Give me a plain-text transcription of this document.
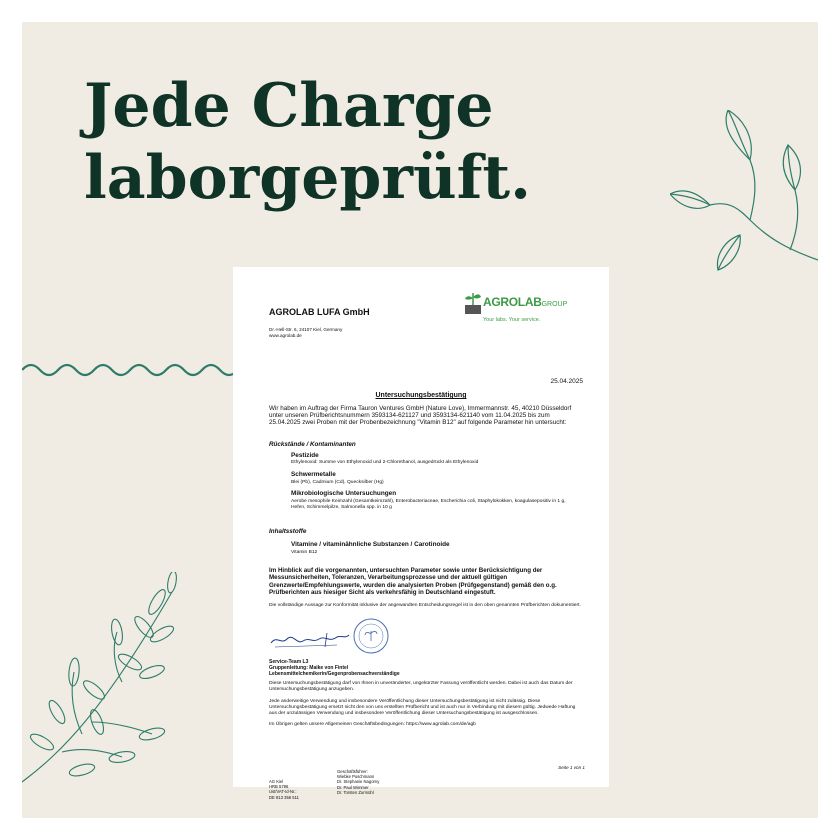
Jede Charge
laborgeprüft.
AGROLAB LUFA GmbH
Dr.-Hell-Str. 6, 24107 Kiel, Germany
www.agrolab.de
AGROLABGROUP
Your labs. Your service.
25.04.2025
Untersuchungsbestätigung
Wir haben im Auftrag der Firma Tauron Ventures GmbH (Nature Love), Immermannstr. 45, 40210 Düsseldorf unter unseren Prüfberichtsnummern 3593134-621127 und 3593134-621140 vom 11.04.2025 bis zum 25.04.2025 zwei Proben mit der Probenbezeichnung "Vitamin B12" auf folgende Parameter hin untersucht:
Rückstände / Kontaminanten
Pestizide
Ethylenoxid: Summe von Ethylenoxid und 2-Chlorethanol, ausgedrückt als Ethylenoxid
Schwermetalle
Blei (Pb), Cadmium (Cd), Quecksilber (Hg)
Mikrobiologische Untersuchungen
Aerobe mesophile Keimzahl (Gesamtkeimzahl), Enterobacteriaceae, Escherichia coli, Staphylokokken, koagulasepositiv in 1 g, Hefen, Schimmelpilze, Salmonella spp. in 10 g
Inhaltsstoffe
Vitamine / vitaminähnliche Substanzen / Carotinoide
Vitamin B12
Im Hinblick auf die vorgenannten, untersuchten Parameter sowie unter Berücksichtigung der Messunsicherheiten, Toleranzen, Verarbeitungsprozesse und der aktuell gültigen Grenzwerte/Empfehlungswerte, wurden die analysierten Proben (Prüfgegenstand) gemäß den o.g. Prüfberichten aus hiesiger Sicht als verkehrsfähig in Deutschland eingestuft.
Die vollständige Aussage zur Konformität inklusive der angewandten Entscheidungsregel ist in den oben genannten Prüfberichten dokumentiert.
Service-Team L3
Gruppenleitung: Maike von Fintel
Lebensmittelchemikerin/Gegenprobensachverständige
Diese Untersuchungsbestätigung darf von Ihnen in unveränderter, ungekürzter Fassung veröffentlicht werden. Dabei ist auch das Datum der Untersuchungsbestätigung anzugeben.
Jede anderweitige Verwendung und insbesondere Veröffentlichung dieser Untersuchungsbestätigung ist nicht zulässig. Diese Untersuchungsbestätigung ersetzt nicht den von uns erstellten Prüfbericht und ist auch nur in Verbindung mit diesem gültig. Jedwede Haftung aus der unzulässigen Verwendung und insbesondere Veröffentlichung dieser Untersuchungsbestätigung ist ausgeschlossen.
Im Übrigen gelten unsere Allgemeinen Geschäftsbedingungen: https://www.agrolab.com/de/agb
Seite 1 von 1
AG Kiel
HRB 5796
Ust/VAT-Id-Nr.:
DE 813 356 511
Geschäftsführer:
Wiebke Puschmann
Dr. Stephanie Nagorny
Dr. Paul Wimmer
Dr. Torsten Zurmühl
